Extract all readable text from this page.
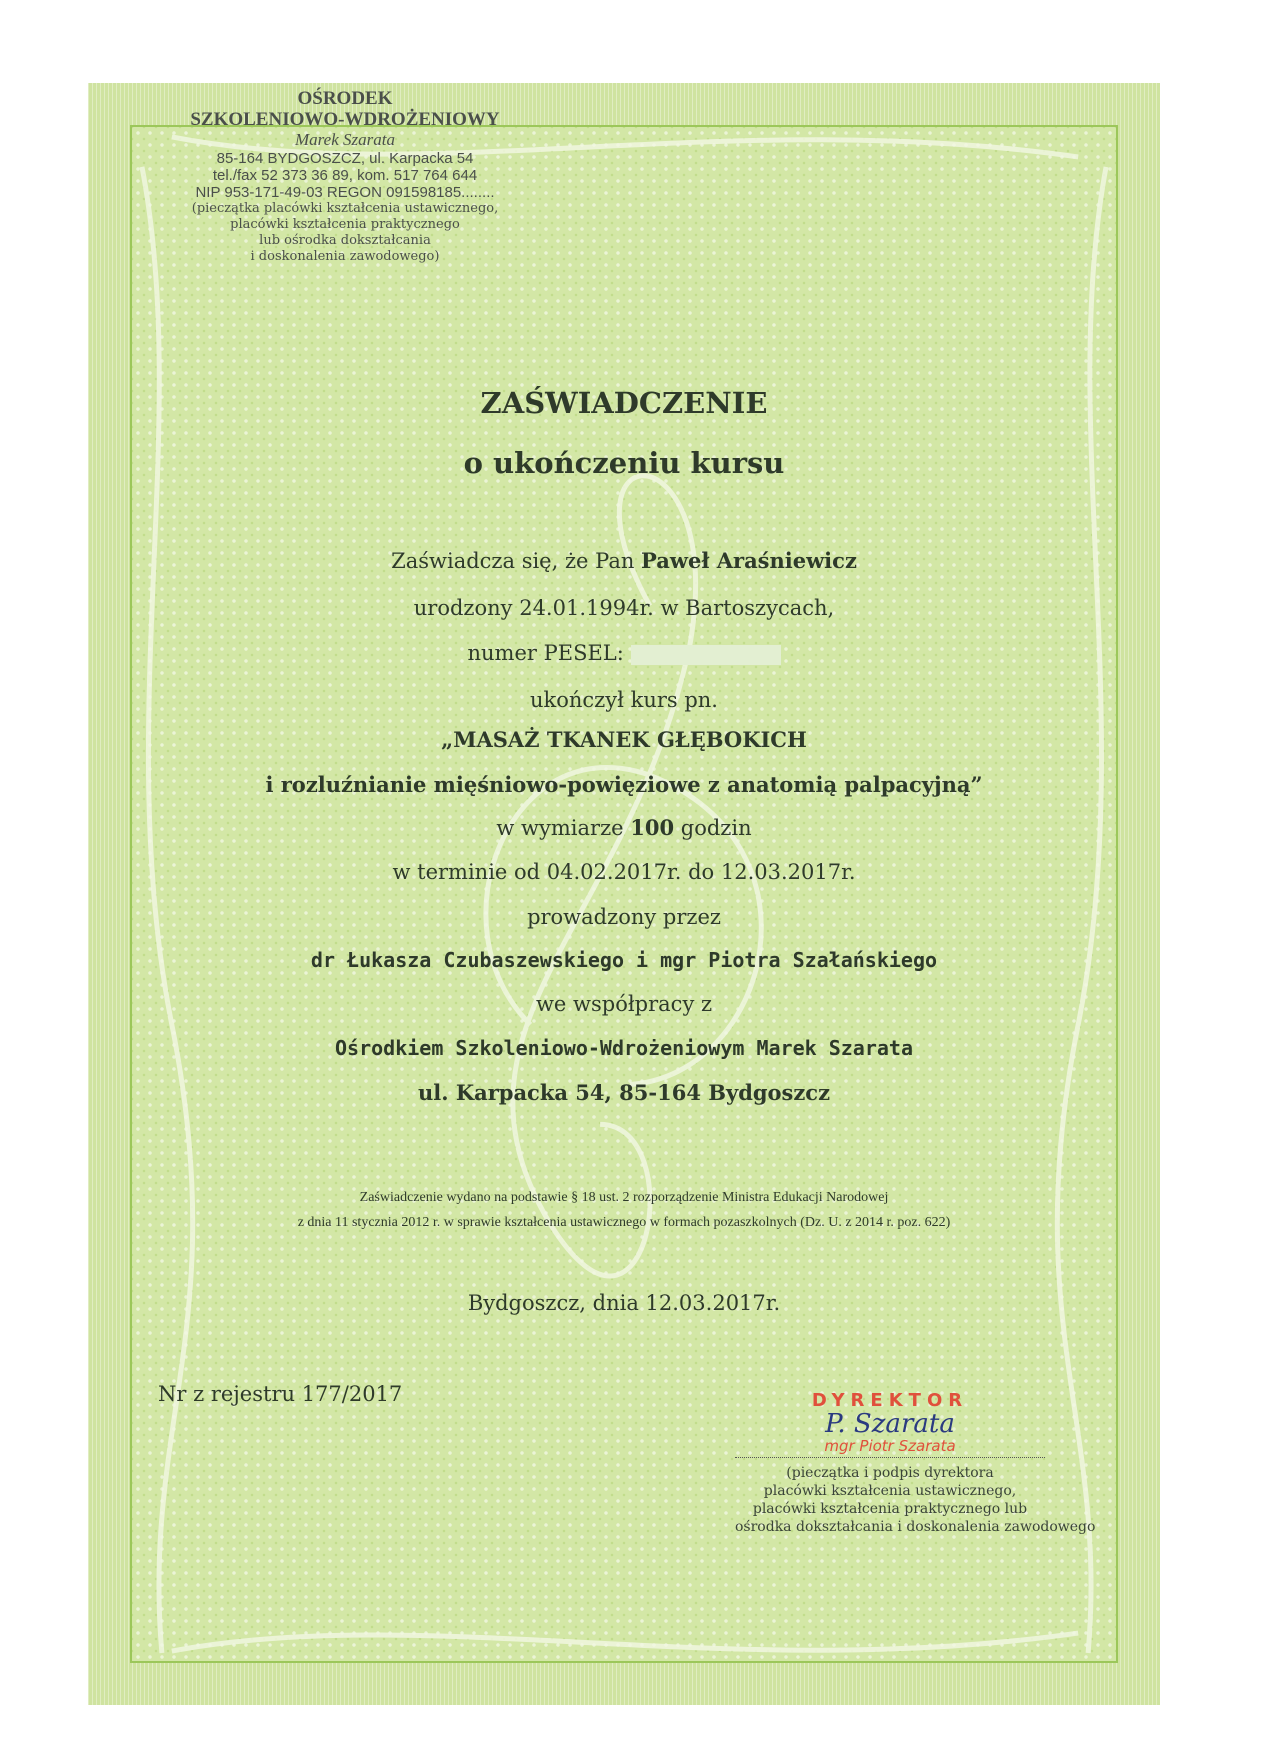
OŚRODEK
SZKOLENIOWO-WDROŻENIOWY
Marek Szarata
85-164 BYDGOSZCZ, ul. Karpacka 54
tel./fax 52 373 36 89, kom. 517 764 644
NIP 953-171-49-03 REGON 091598185........
(pieczątka placówki kształcenia ustawicznego,
placówki kształcenia praktycznego
lub ośrodka dokształcania
i doskonalenia zawodowego)
ZAŚWIADCZENIE
o ukończeniu kursu
Zaświadcza się, że Pan Paweł Araśniewicz
urodzony 24.01.1994r. w Bartoszycach,
numer PESEL:
ukończył kurs pn.
„MASAŻ TKANEK GŁĘBOKICH
i rozluźnianie mięśniowo-powięziowe z anatomią palpacyjną”
w wymiarze 100 godzin
w terminie od 04.02.2017r. do 12.03.2017r.
prowadzony przez
dr Łukasza Czubaszewskiego i mgr Piotra Szałańskiego
we współpracy z
Ośrodkiem Szkoleniowo-Wdrożeniowym Marek Szarata
ul. Karpacka 54, 85-164 Bydgoszcz
Zaświadczenie wydano na podstawie § 18 ust. 2 rozporządzenie Ministra Edukacji Narodowej
z dnia 11 stycznia 2012 r. w sprawie kształcenia ustawicznego w formach pozaszkolnych (Dz. U. z 2014 r. poz. 622)
Bydgoszcz, dnia 12.03.2017r.
Nr z rejestru 177/2017	DYREKTOR
P. Szarata
mgr Piotr Szarata
(pieczątka i podpis dyrektora
placówki kształcenia ustawicznego,
placówki kształcenia praktycznego lub
ośrodka dokształcania i doskonalenia zawodowego
